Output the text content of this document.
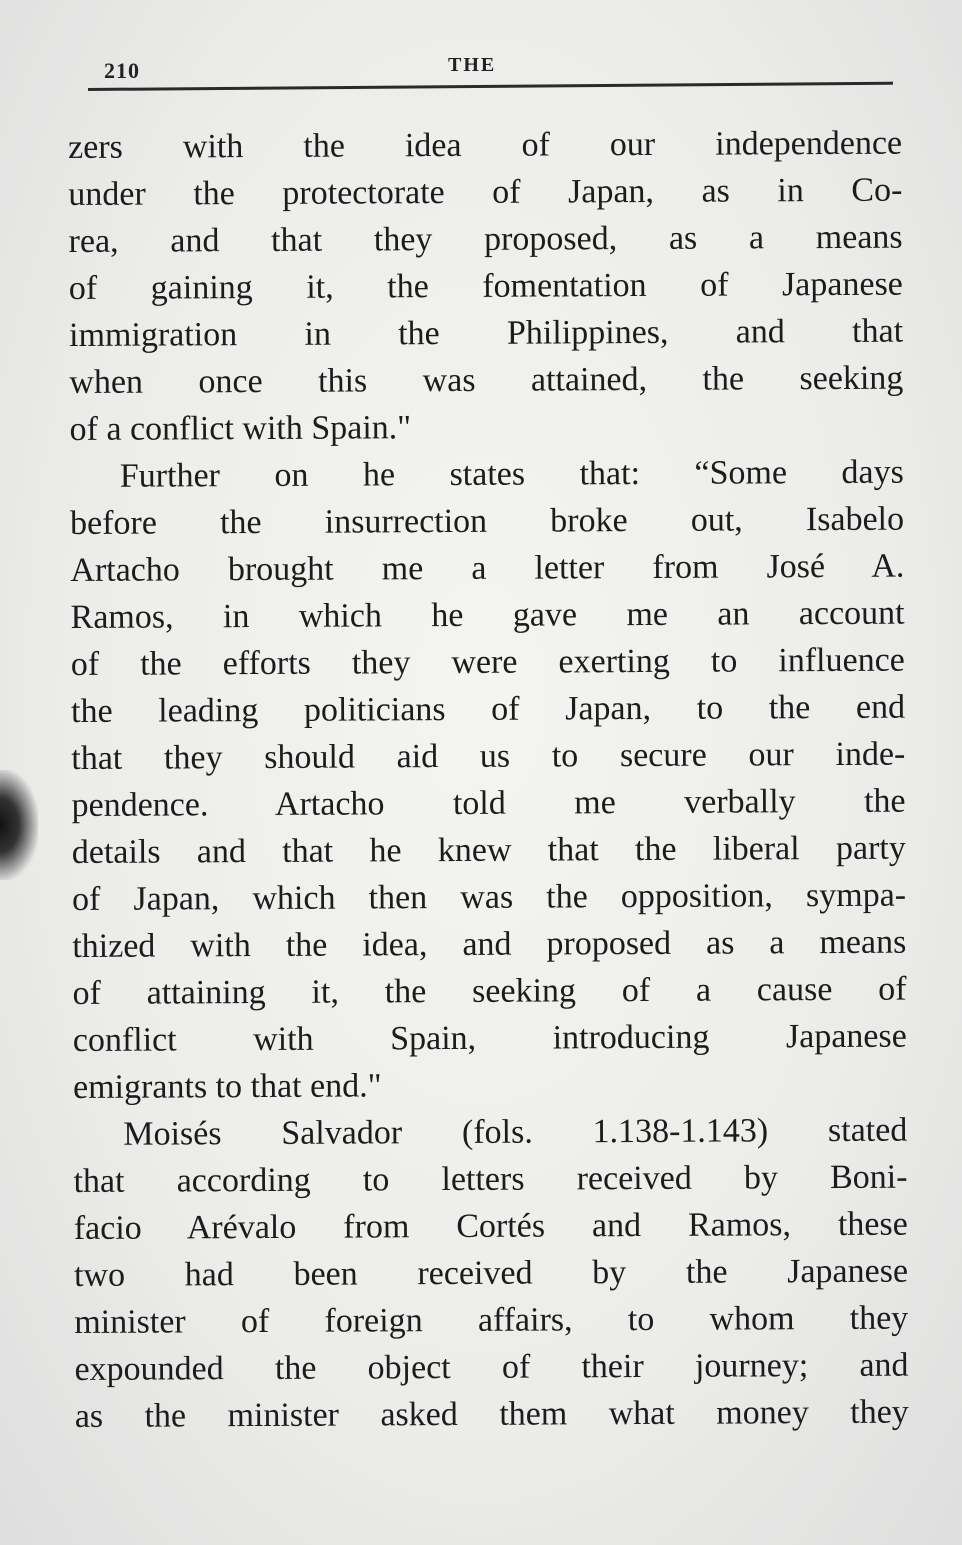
210	THE
zers with the idea of our independence
under the protectorate of Japan, as in Co-
rea, and that they proposed, as a means
of gaining it, the fomentation of Japanese
immigration in the Philippines, and that
when once this was attained, the seeking
of a conflict with Spain."
Further on he states that: “Some days
before the insurrection broke out, Isabelo
Artacho brought me a letter from José A.
Ramos, in which he gave me an account
of the efforts they were exerting to influence
the leading politicians of Japan, to the end
that they should aid us to secure our inde-
pendence. Artacho told me verbally the
details and that he knew that the liberal party
of Japan, which then was the opposition, sympa-
thized with the idea, and proposed as a means
of attaining it, the seeking of a cause of
conflict with Spain, introducing Japanese
emigrants to that end."
Moisés Salvador (fols. 1.138-1.143) stated
that according to letters received by Boni-
facio Arévalo from Cortés and Ramos, these
two had been received by the Japanese
minister of foreign affairs, to whom they
expounded the object of their journey; and
as the minister asked them what money they
